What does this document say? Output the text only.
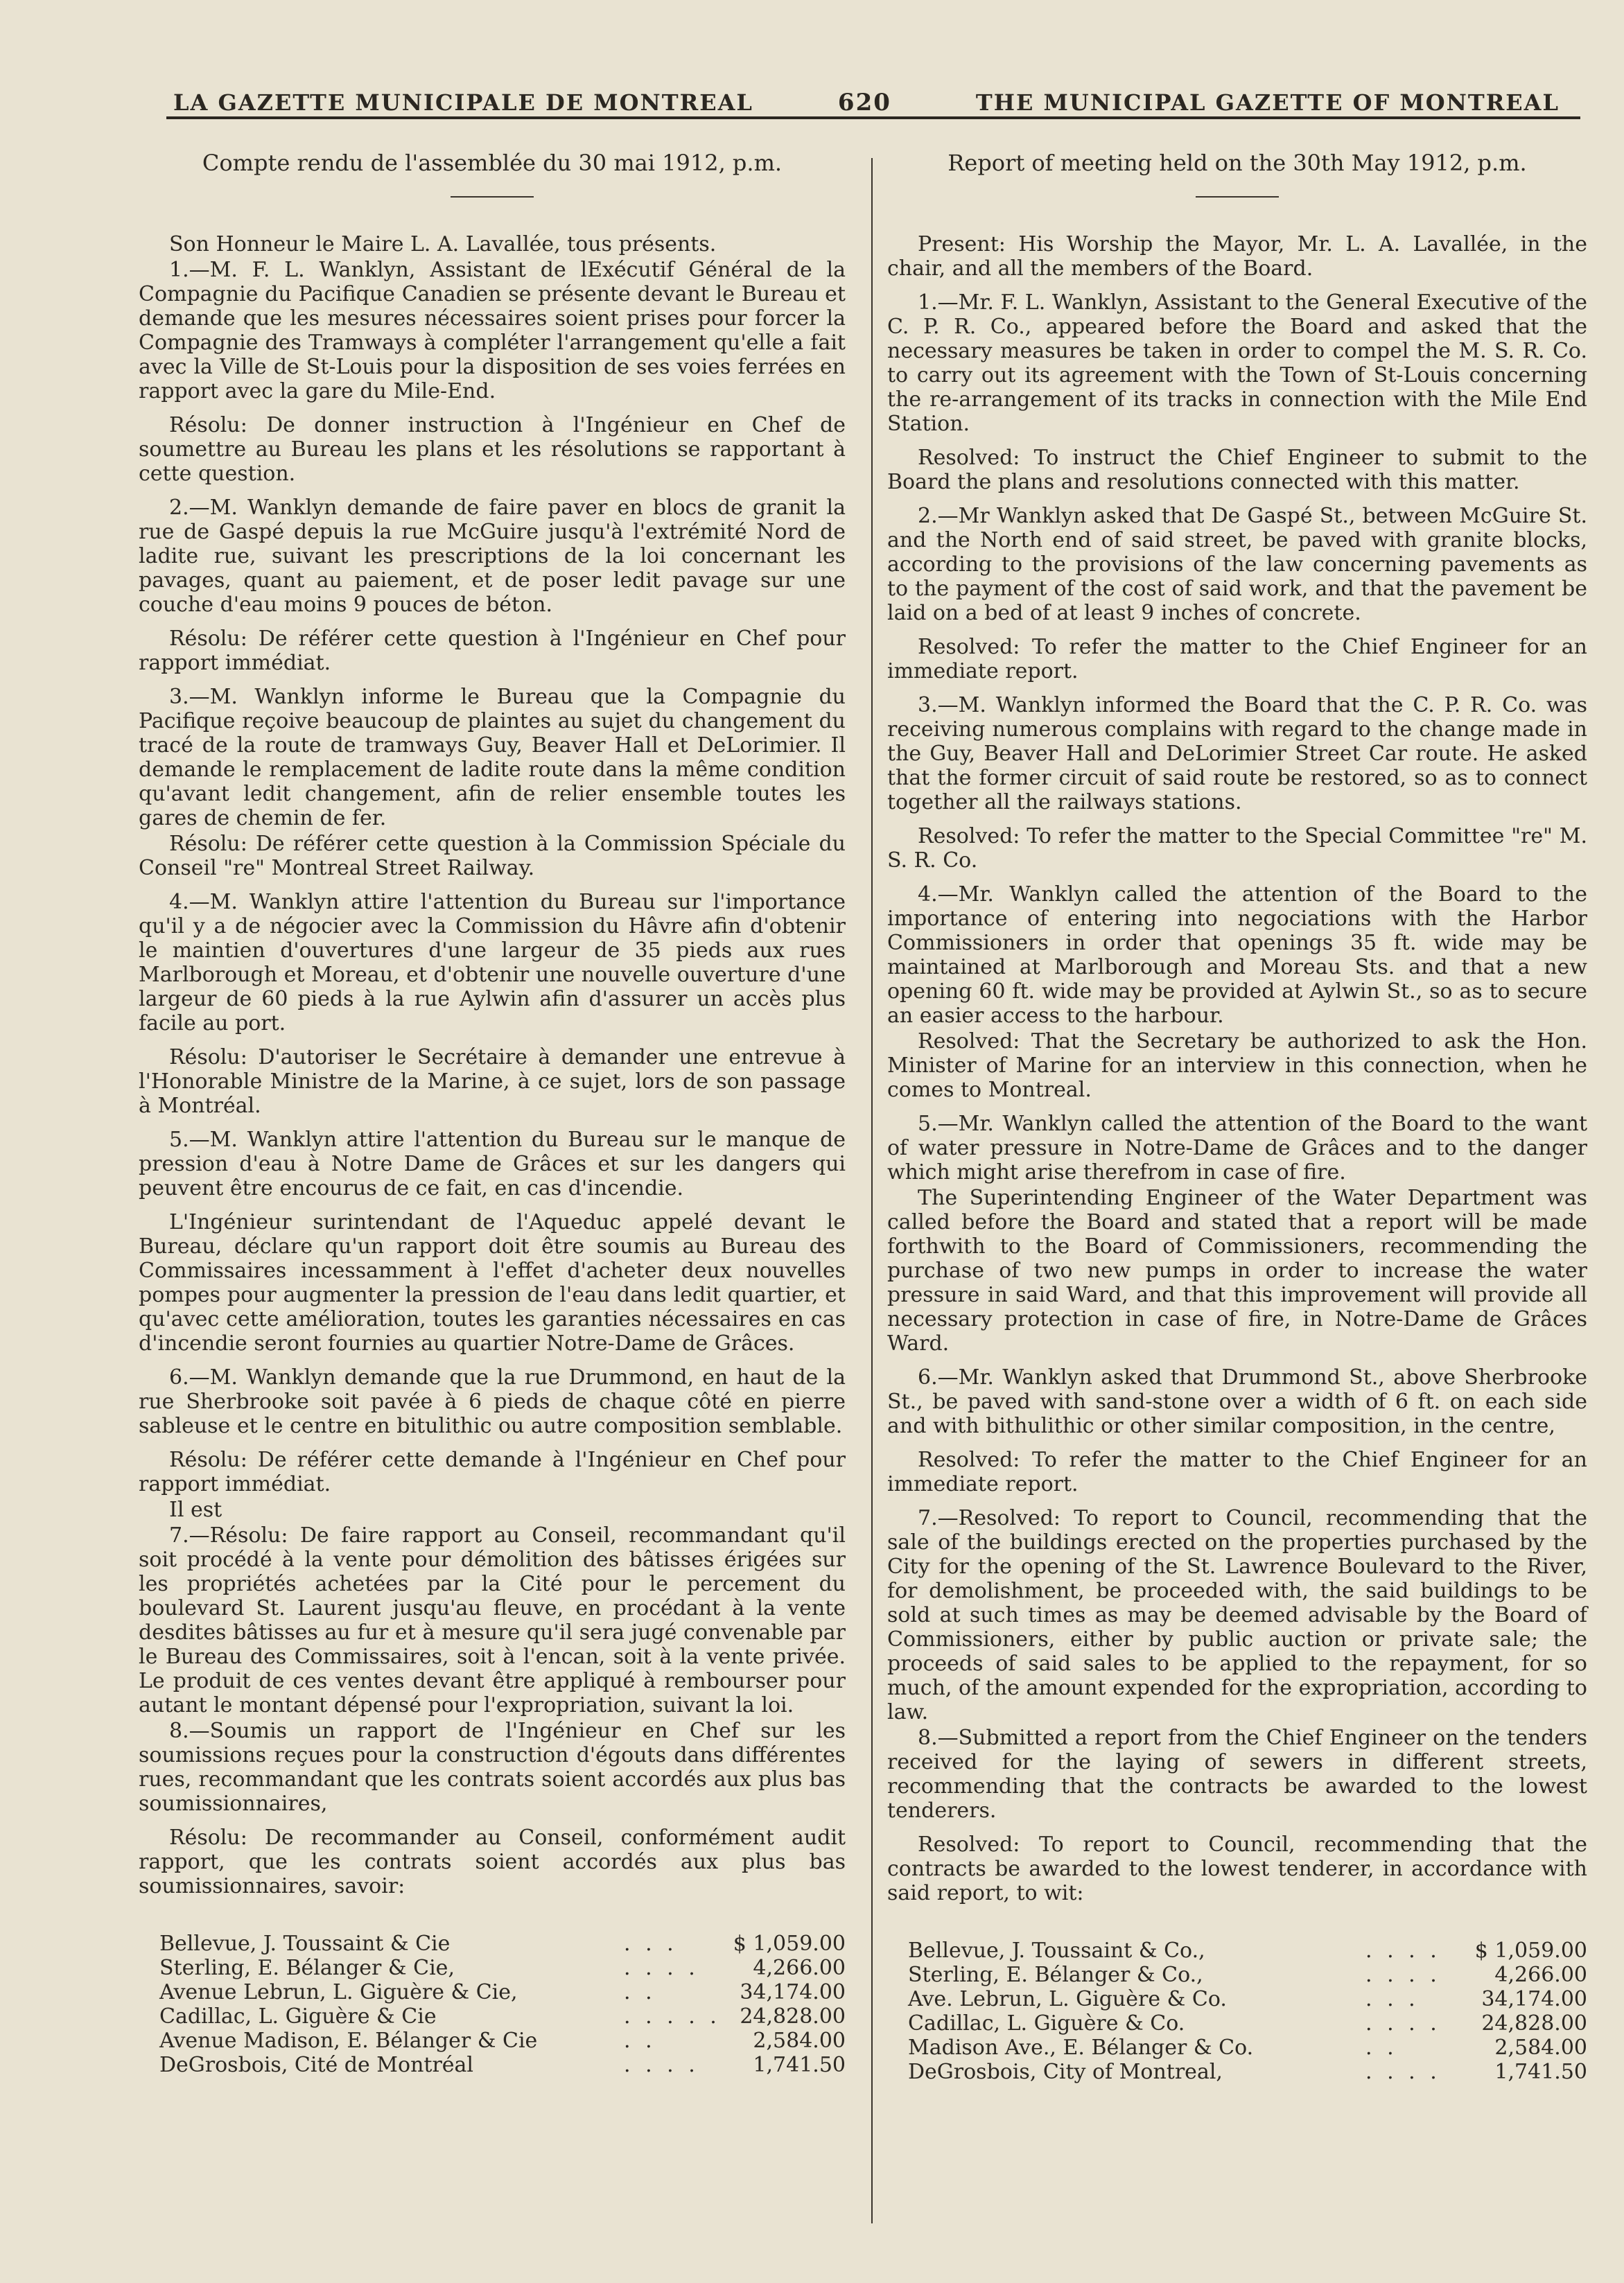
LA GAZETTE MUNICIPALE DE MONTREAL	620	THE MUNICIPAL GAZETTE OF MONTREAL
Compte rendu de l'assemblée du 30 mai 1912, p.m.

Son Honneur le Maire L. A. Lavallée, tous présents.

1.—M. F. L. Wanklyn, Assistant de lExécutif Général de la Compagnie du Pacifique Canadien se présente devant le Bureau et demande que les mesures nécessaires soient prises pour forcer la Compagnie des Tramways à compléter l'arrangement qu'elle a fait avec la Ville de St-Louis pour la disposition de ses voies ferrées en rapport avec la gare du Mile-End.

Résolu: De donner instruction à l'Ingénieur en Chef de soumettre au Bureau les plans et les résolutions se rapportant à cette question.

2.—M. Wanklyn demande de faire paver en blocs de granit la rue de Gaspé depuis la rue McGuire jusqu'à l'extrémité Nord de ladite rue, suivant les prescriptions de la loi concernant les pavages, quant au paiement, et de poser ledit pavage sur une couche d'eau moins 9 pouces de béton.

Résolu: De référer cette question à l'Ingénieur en Chef pour rapport immédiat.

3.—M. Wanklyn informe le Bureau que la Compagnie du Pacifique reçoive beaucoup de plaintes au sujet du changement du tracé de la route de tramways Guy, Beaver Hall et DeLorimier. Il demande le remplacement de ladite route dans la même condition qu'avant ledit changement, afin de relier ensemble toutes les gares de chemin de fer.

Résolu: De référer cette question à la Commission Spéciale du Conseil "re" Montreal Street Railway.

4.—M. Wanklyn attire l'attention du Bureau sur l'importance qu'il y a de négocier avec la Commission du Hâvre afin d'obtenir le maintien d'ouvertures d'une largeur de 35 pieds aux rues Marlborough et Moreau, et d'obtenir une nouvelle ouverture d'une largeur de 60 pieds à la rue Aylwin afin d'assurer un accès plus facile au port.

Résolu: D'autoriser le Secrétaire à demander une entrevue à l'Honorable Ministre de la Marine, à ce sujet, lors de son passage à Montréal.

5.—M. Wanklyn attire l'attention du Bureau sur le manque de pression d'eau à Notre Dame de Grâces et sur les dangers qui peuvent être encourus de ce fait, en cas d'incendie.

L'Ingénieur surintendant de l'Aqueduc appelé devant le Bureau, déclare qu'un rapport doit être soumis au Bureau des Commissaires incessamment à l'effet d'acheter deux nouvelles pompes pour augmenter la pression de l'eau dans ledit quartier, et qu'avec cette amélioration, toutes les garanties nécessaires en cas d'incendie seront fournies au quartier Notre-Dame de Grâces.

6.—M. Wanklyn demande que la rue Drummond, en haut de la rue Sherbrooke soit pavée à 6 pieds de chaque côté en pierre sableuse et le centre en bitulithic ou autre composition semblable.

Résolu: De référer cette demande à l'Ingénieur en Chef pour rapport immédiat.

Il est

7.—Résolu: De faire rapport au Conseil, recommandant qu'il soit procédé à la vente pour démolition des bâtisses érigées sur les propriétés achetées par la Cité pour le percement du boulevard St. Laurent jusqu'au fleuve, en procédant à la vente desdites bâtisses au fur et à mesure qu'il sera jugé convenable par le Bureau des Commissaires, soit à l'encan, soit à la vente privée. Le produit de ces ventes devant être appliqué à rembourser pour autant le montant dépensé pour l'expropriation, suivant la loi.

8.—Soumis un rapport de l'Ingénieur en Chef sur les soumissions reçues pour la construction d'égouts dans différentes rues, recommandant que les contrats soient accordés aux plus bas soumissionnaires,

Résolu: De recommander au Conseil, conformément audit rapport, que les contrats soient accordés aux plus bas soumissionnaires, savoir:

Bellevue, J. Toussaint & Cie	. . .	$ 1,059.00
Sterling, E. Bélanger & Cie,	. . . .	4,266.00
Avenue Lebrun, L. Giguère & Cie,	. .	34,174.00
Cadillac, L. Giguère & Cie	. . . . . 24,828.00
Avenue Madison, E. Bélanger & Cie	. .	2,584.00
DeGrosbois, Cité de Montréal	. . . .	1,741.50
Report of meeting held on the 30th May 1912, p.m.

Present: His Worship the Mayor, Mr. L. A. Lavallée, in the chair, and all the members of the Board.

1.—Mr. F. L. Wanklyn, Assistant to the General Executive of the C. P. R. Co., appeared before the Board and asked that the necessary measures be taken in order to compel the M. S. R. Co. to carry out its agreement with the Town of St-Louis concerning the re-arrangement of its tracks in connection with the Mile End Station.

Resolved: To instruct the Chief Engineer to submit to the Board the plans and resolutions connected with this matter.

2.—Mr Wanklyn asked that De Gaspé St., between McGuire St. and the North end of said street, be paved with granite blocks, according to the provisions of the law concerning pavements as to the payment of the cost of said work, and that the pavement be laid on a bed of at least 9 inches of concrete.

Resolved: To refer the matter to the Chief Engineer for an immediate report.

3.—M. Wanklyn informed the Board that the C. P. R. Co. was receiving numerous complains with regard to the change made in the Guy, Beaver Hall and DeLorimier Street Car route. He asked that the former circuit of said route be restored, so as to connect together all the railways stations.

Resolved: To refer the matter to the Special Committee "re" M. S. R. Co.

4.—Mr. Wanklyn called the attention of the Board to the importance of entering into negociations with the Harbor Commissioners in order that openings 35 ft. wide may be maintained at Marlborough and Moreau Sts. and that a new opening 60 ft. wide may be provided at Aylwin St., so as to secure an easier access to the harbour.

Resolved: That the Secretary be authorized to ask the Hon. Minister of Marine for an interview in this connection, when he comes to Montreal.

5.—Mr. Wanklyn called the attention of the Board to the want of water pressure in Notre-Dame de Grâces and to the danger which might arise therefrom in case of fire.

The Superintending Engineer of the Water Department was called before the Board and stated that a report will be made forthwith to the Board of Commissioners, recommending the purchase of two new pumps in order to increase the water pressure in said Ward, and that this improvement will provide all necessary protection in case of fire, in Notre-Dame de Grâces Ward.

6.—Mr. Wanklyn asked that Drummond St., above Sherbrooke St., be paved with sand-stone over a width of 6 ft. on each side and with bithulithic or other similar composition, in the centre,

Resolved: To refer the matter to the Chief Engineer for an immediate report.

7.—Resolved: To report to Council, recommending that the sale of the buildings erected on the properties purchased by the City for the opening of the St. Lawrence Boulevard to the River, for demolishment, be proceeded with, the said buildings to be sold at such times as may be deemed advisable by the Board of Commissioners, either by public auction or private sale; the proceeds of said sales to be applied to the repayment, for so much, of the amount expended for the expropriation, according to law.

8.—Submitted a report from the Chief Engineer on the tenders received for the laying of sewers in different streets, recommending that the contracts be awarded to the lowest tenderers.

Resolved: To report to Council, recommending that the contracts be awarded to the lowest tenderer, in accordance with said report, to wit:

Bellevue, J. Toussaint & Co.,	. . . .	$ 1,059.00
Sterling, E. Bélanger & Co.,	. . . .	4,266.00
Ave. Lebrun, L. Giguère & Co.	. . .	34,174.00
Cadillac, L. Giguère & Co.	. . . .	24,828.00
Madison Ave., E. Bélanger & Co.	. .	2,584.00
DeGrosbois, City of Montreal,	. . . .	1,741.50
